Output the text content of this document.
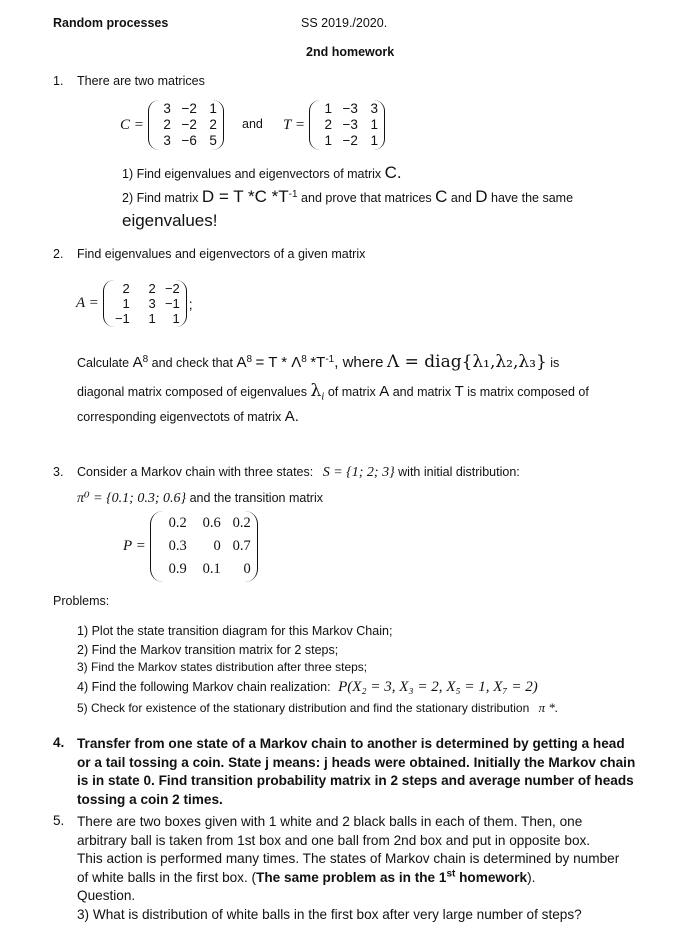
Random processes	SS 2019./2020.
2nd homework
1. There are two matrices
C =
3 −2 1
2 −2 2
3 −6 5
and T =
1 −3 3
2 −3 1
1 −2 1
1) Find eigenvalues and eigenvectors of matrix C.
2) Find matrix D = T *C $*T^{-1}$ and prove that matrices C and D have the same
eigenvalues!
2. Find eigenvalues and eigenvectors of a given matrix
A =
2	2 −2
1	3 −1
−1	1	1
;
Calculate $A^8$ and check that $A^8 = T * \Lambda^8$ $*T^{-1}$, where Λ = diag{λ₁,λ₂,λ₃} is
diagonal matrix composed of eigenvalues λi of matrix A and matrix T is matrix composed of
corresponding eigenvectots of matrix A.
3. Consider a Markov chain with three states: S = {1; 2; 3} with initial distribution:
π⁰ = {0.1; 0.3; 0.6} and the transition matrix
P =
0.2	0.6 0.2
0.3	0 0.7
0.9	0.1	0
Problems:
1) Plot the state transition diagram for this Markov Chain;
2) Find the Markov transition matrix for 2 steps;
3) Find the Markov states distribution after three steps;
4) Find the following Markov chain realization: P(X₂ = 3, X₃ = 2, X₅ = 1, X₇ = 2)
5) Check for existence of the stationary distribution and find the stationary distribution π *.
4. Transfer from one state of a Markov chain to another is determined by getting a head
or a tail tossing a coin. State j means: j heads were obtained. Initially the Markov chain
is in state 0. Find transition probability matrix in 2 steps and average number of heads
tossing a coin 2 times.
5. There are two boxes given with 1 white and 2 black balls in each of them. Then, one
arbitrary ball is taken from 1st box and one ball from 2nd box and put in opposite box.
This action is performed many times. The states of Markov chain is determined by number
of white balls in the first box. (The same problem as in the 1st homework).
Question.
3) What is distribution of white balls in the first box after very large number of steps?
